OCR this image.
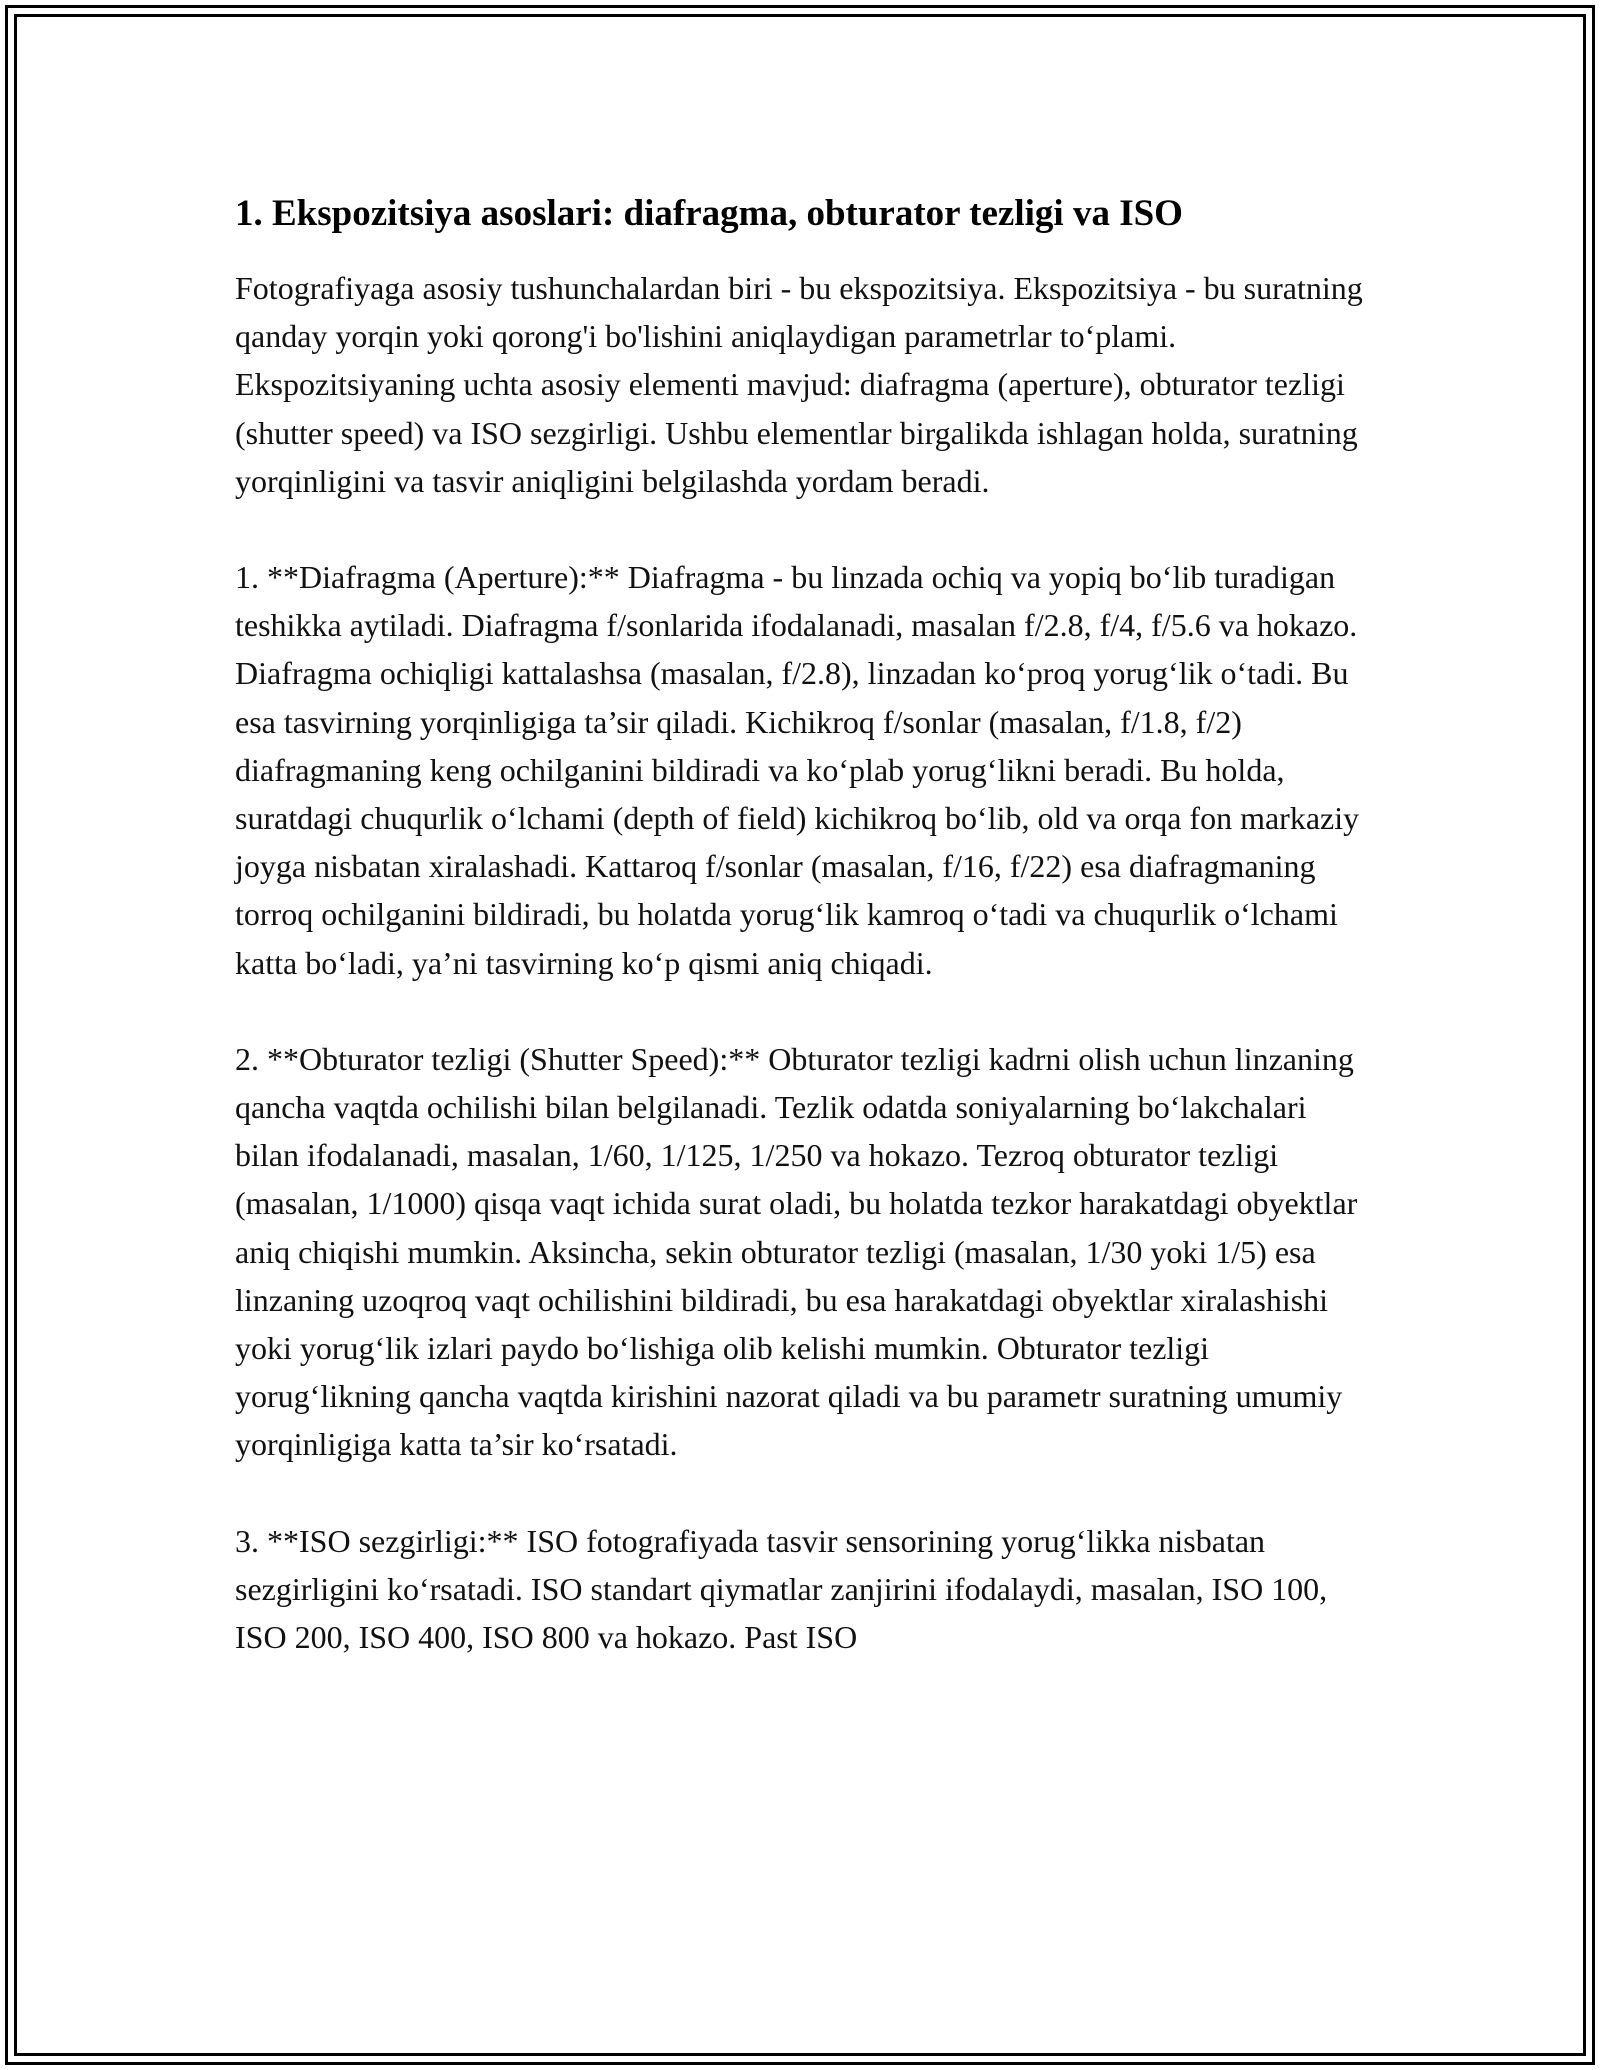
1. Ekspozitsiya asoslari: diafragma, obturator tezligi va ISO

Fotografiyaga asosiy tushunchalardan biri - bu ekspozitsiya. Ekspozitsiya - bu suratning qanday yorqin yoki qorong'i bo'lishini aniqlaydigan parametrlar to‘plami. Ekspozitsiyaning uchta asosiy elementi mavjud: diafragma (aperture), obturator tezligi (shutter speed) va ISO sezgirligi. Ushbu elementlar birgalikda ishlagan holda, suratning yorqinligini va tasvir aniqligini belgilashda yordam beradi.

1. **Diafragma (Aperture):** Diafragma - bu linzada ochiq va yopiq bo‘lib turadigan teshikka aytiladi. Diafragma f/sonlarida ifodalanadi, masalan f/2.8, f/4, f/5.6 va hokazo. Diafragma ochiqligi kattalashsa (masalan, f/2.8), linzadan ko‘proq yorug‘lik o‘tadi. Bu esa tasvirning yorqinligiga ta’sir qiladi. Kichikroq f/sonlar (masalan, f/1.8, f/2) diafragmaning keng ochilganini bildiradi va ko‘plab yorug‘likni beradi. Bu holda, suratdagi chuqurlik o‘lchami (depth of field) kichikroq bo‘lib, old va orqa fon markaziy joyga nisbatan xiralashadi. Kattaroq f/sonlar (masalan, f/16, f/22) esa diafragmaning torroq ochilganini bildiradi, bu holatda yorug‘lik kamroq o‘tadi va chuqurlik o‘lchami katta bo‘ladi, ya’ni tasvirning ko‘p qismi aniq chiqadi.

2. **Obturator tezligi (Shutter Speed):** Obturator tezligi kadrni olish uchun linzaning qancha vaqtda ochilishi bilan belgilanadi. Tezlik odatda soniyalarning bo‘lakchalari bilan ifodalanadi, masalan, 1/60, 1/125, 1/250 va hokazo. Tezroq obturator tezligi (masalan, 1/1000) qisqa vaqt ichida surat oladi, bu holatda tezkor harakatdagi obyektlar aniq chiqishi mumkin. Aksincha, sekin obturator tezligi (masalan, 1/30 yoki 1/5) esa linzaning uzoqroq vaqt ochilishini bildiradi, bu esa harakatdagi obyektlar xiralashishi yoki yorug‘lik izlari paydo bo‘lishiga olib kelishi mumkin. Obturator tezligi yorug‘likning qancha vaqtda kirishini nazorat qiladi va bu parametr suratning umumiy yorqinligiga katta ta’sir ko‘rsatadi.

3. **ISO sezgirligi:** ISO fotografiyada tasvir sensorining yorug‘likka nisbatan sezgirligini ko‘rsatadi. ISO standart qiymatlar zanjirini ifodalaydi, masalan, ISO 100, ISO 200, ISO 400, ISO 800 va hokazo. Past ISO
